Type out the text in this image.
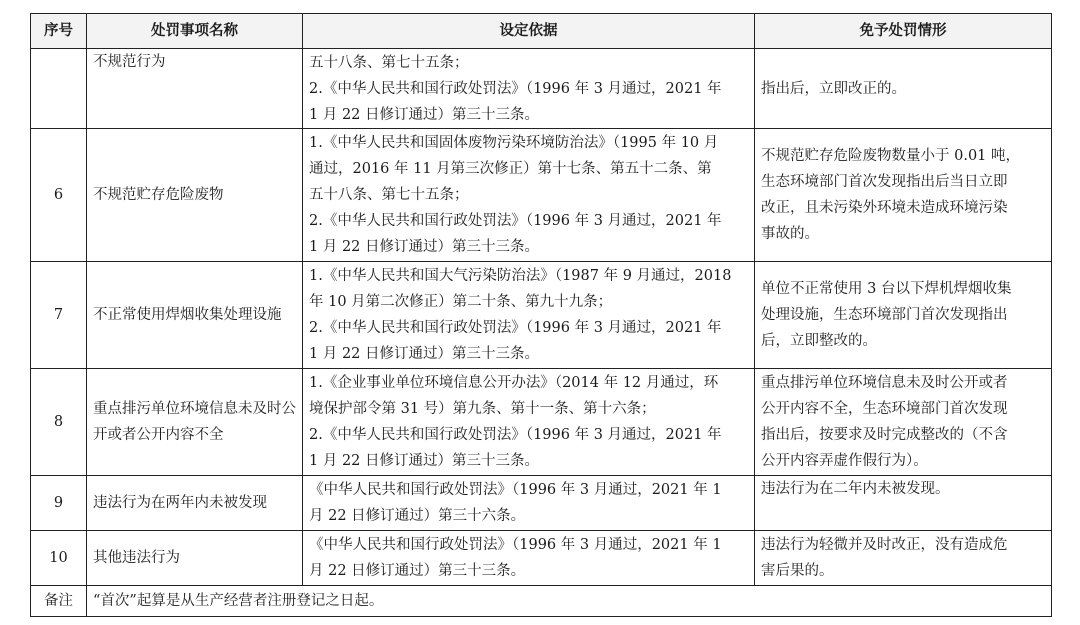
序号	处罚事项名称	设定依据	免予处罚情形
	不规范行为	五十八条、第七十五条；
2.《中华人民共和国行政处罚法》（1996 年 3 月通过，2021 年
1 月 22 日修订通过）第三十三条。	指出后，立即改正的。

6	不规范贮存危险废物	1.《中华人民共和国固体废物污染环境防治法》（1995 年 10 月
通过，2016 年 11 月第三次修正）第十七条、第五十二条、第
五十八条、第七十五条；
2.《中华人民共和国行政处罚法》（1996 年 3 月通过，2021 年
1 月 22 日修订通过）第三十三条。	不规范贮存危险废物数量小于 0.01 吨，
生态环境部门首次发现指出后当日立即
改正，且未污染外环境未造成环境污染
事故的。

7	不正常使用焊烟收集处理设施	1.《中华人民共和国大气污染防治法》（1987 年 9 月通过，2018
年 10 月第二次修正）第二十条、第九十九条；
2.《中华人民共和国行政处罚法》（1996 年 3 月通过，2021 年
1 月 22 日修订通过）第三十三条。	单位不正常使用 3 台以下焊机焊烟收集
处理设施，生态环境部门首次发现指出
后，立即整改的。

8	重点排污单位环境信息未及时公开或者公开内容不全	1.《企业事业单位环境信息公开办法》（2014 年 12 月通过，环
境保护部令第 31 号）第九条、第十一条、第十六条；
2.《中华人民共和国行政处罚法》（1996 年 3 月通过，2021 年
1 月 22 日修订通过）第三十三条。	重点排污单位环境信息未及时公开或者
公开内容不全，生态环境部门首次发现
指出后，按要求及时完成整改的（不含
公开内容弄虚作假行为）。

9	违法行为在两年内未被发现	《中华人民共和国行政处罚法》（1996 年 3 月通过，2021 年 1
月 22 日修订通过）第三十六条。	违法行为在二年内未被发现。

10	其他违法行为	《中华人民共和国行政处罚法》（1996 年 3 月通过，2021 年 1
月 22 日修订通过）第三十三条。	违法行为轻微并及时改正，没有造成危
害后果的。

备注	“首次”起算是从生产经营者注册登记之日起。		
